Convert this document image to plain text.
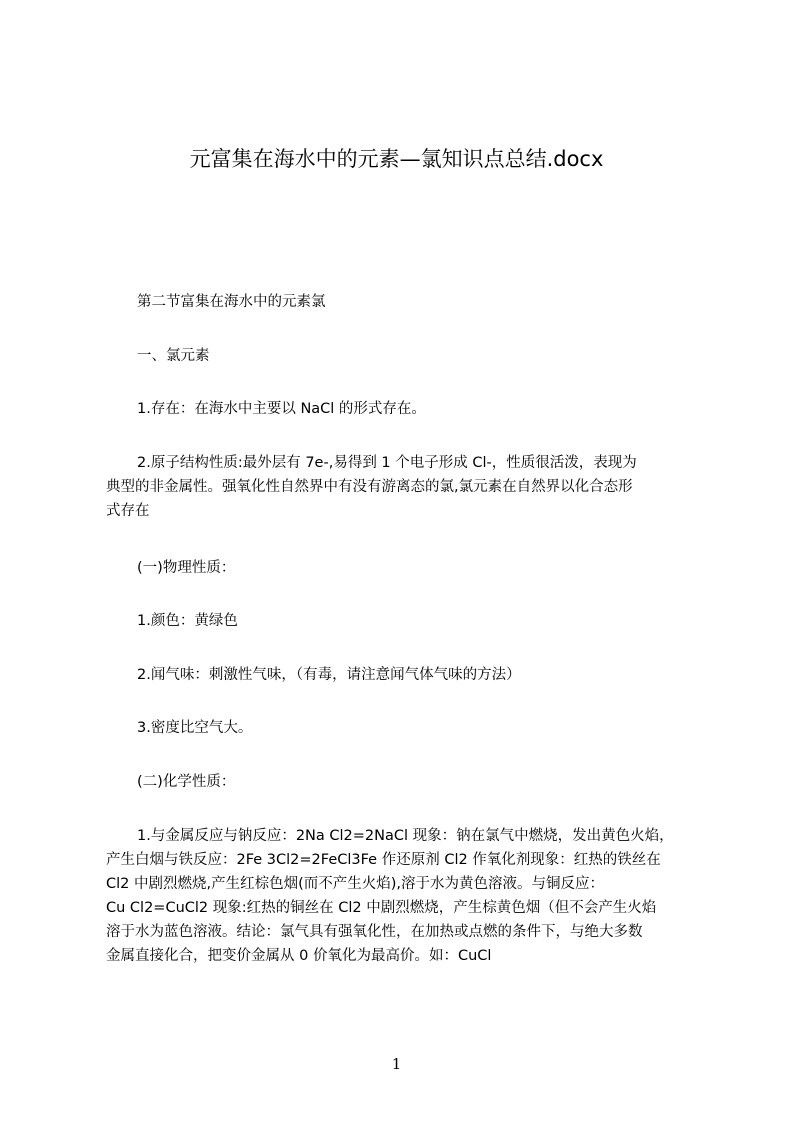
元富集在海水中的元素—氯知识点总结.docx
第二节富集在海水中的元素氯
一、氯元素
1.存在：在海水中主要以 NaCl 的形式存在。
2.原子结构性质:最外层有 7e-,易得到 1 个电子形成 Cl-，性质很活泼，表现为
典型的非金属性。强氧化性自然界中有没有游离态的氯,氯元素在自然界以化合态形
式存在
(一)物理性质：
1.颜色：黄绿色
2.闻气味：刺激性气味，（有毒，请注意闻气体气味的方法）
3.密度比空气大。
(二)化学性质：
1.与金属反应与钠反应：2Na Cl2=2NaCl 现象：钠在氯气中燃烧，发出黄色火焰，
产生白烟与铁反应：2Fe 3Cl2=2FeCl3Fe 作还原剂 Cl2 作氧化剂现象：红热的铁丝在
Cl2 中剧烈燃烧,产生红棕色烟(而不产生火焰),溶于水为黄色溶液。与铜反应：
Cu Cl2=CuCl2 现象:红热的铜丝在 Cl2 中剧烈燃烧，产生棕黄色烟（但不会产生火焰
溶于水为蓝色溶液。结论：氯气具有强氧化性，在加热或点燃的条件下，与绝大多数
金属直接化合，把变价金属从 0 价氧化为最高价。如：CuCl
1
